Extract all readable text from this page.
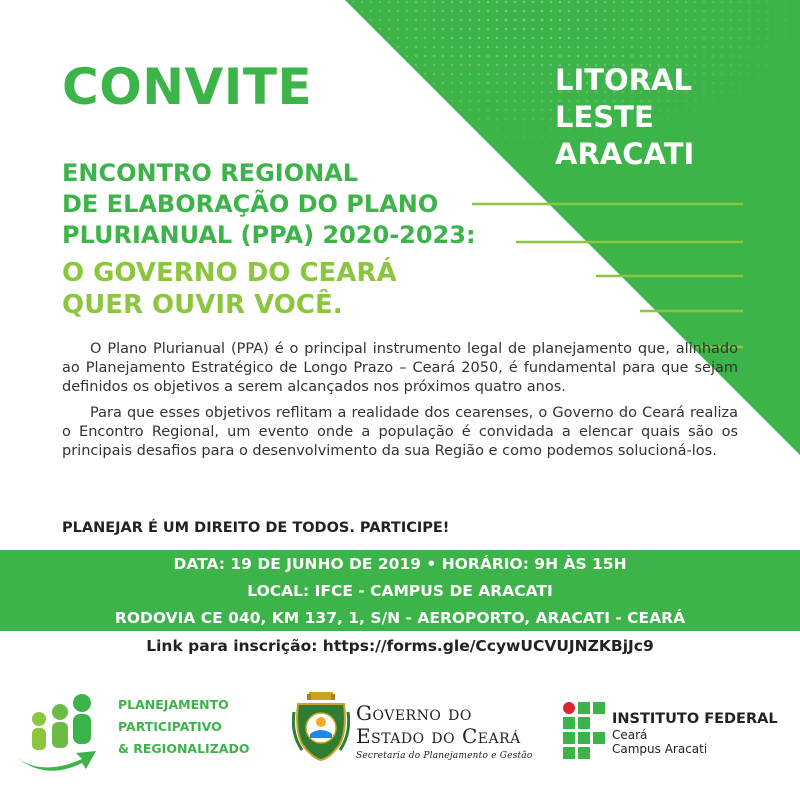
CONVITE	LITORAL
LESTE
ARACATI
ENCONTRO REGIONAL
DE ELABORAÇÃO DO PLANO
PLURIANUAL (PPA) 2020-2023:
O GOVERNO DO CEARÁ
QUER OUVIR VOCÊ.

O Plano Plurianual (PPA) é o principal instrumento legal de planejamento que, alinhado ao Planejamento Estratégico de Longo Prazo – Ceará 2050, é fundamental para que sejam definidos os objetivos a serem alcançados nos próximos quatro anos.

Para que esses objetivos reflitam a realidade dos cearenses, o Governo do Ceará realiza o Encontro Regional, um evento onde a população é convidada a elencar quais são os principais desafios para o desenvolvimento da sua Região e como podemos solucioná-los.

PLANEJAR É UM DIREITO DE TODOS. PARTICIPE!
DATA: 19 DE JUNHO DE 2019 • HORÁRIO: 9H ÀS 15H
LOCAL: IFCE - CAMPUS DE ARACATI
RODOVIA CE 040, KM 137, 1, S/N - AEROPORTO, ARACATI - CEARÁ
Link para inscrição: https://forms.gle/CcywUCVUJNZKBjJc9
PLANEJAMENTO
PARTICIPATIVO
& REGIONALIZADO
Governo do
Estado do Ceará
Secretaria do Planejamento e Gestão
INSTITUTO FEDERAL
Ceará
Campus Aracati
